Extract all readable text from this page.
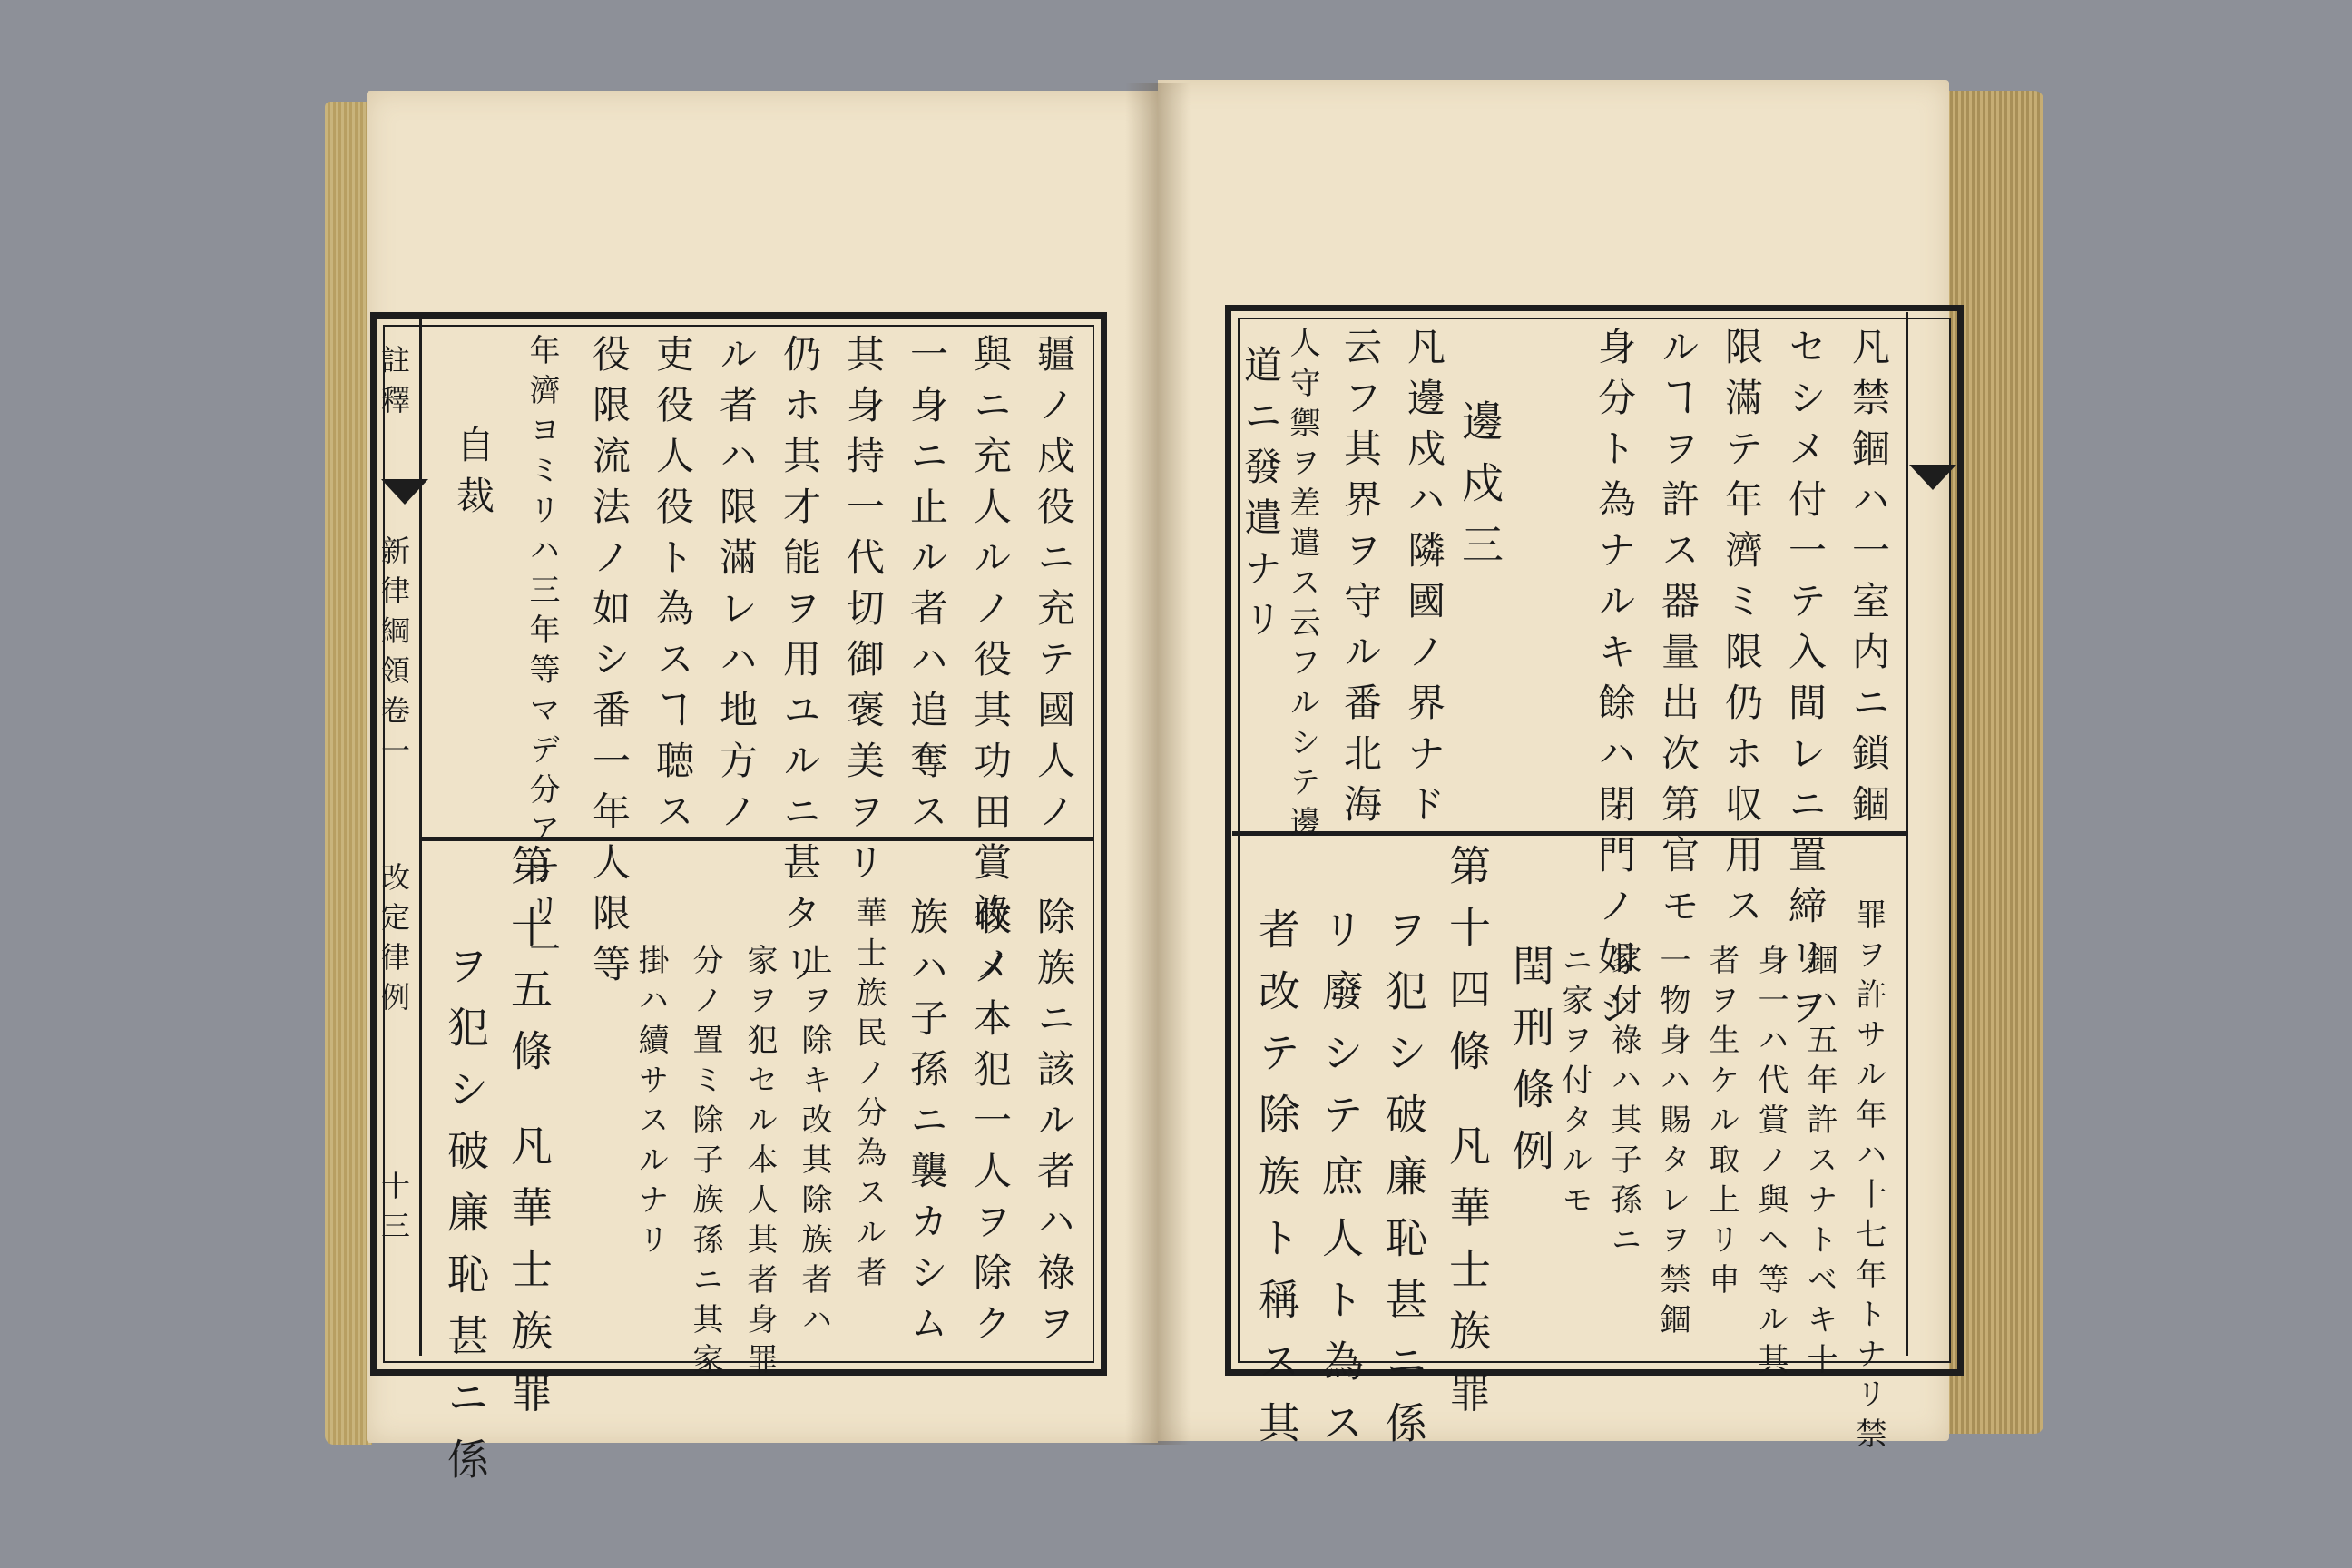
註釋
新律綱領卷一
改定律例
十三
疆ノ戍役ニ充テ國人ノ
與ニ充人ルノ役其功田賞祿ノ
一身ニ止ル者ハ追奪ス
其身持一代切御褒美ヲリ
仍ホ其才能ヲ用ユルニ甚タリ
ル者ハ限滿レハ地方ノ
吏役人役ト為スヿ聴ス
役限流法ノ如シ番一年人限等
年濟ヨミリハ三年等マデ分アナリ一
自裁
除族ニ該ル者ハ祿ヲ
收メ本犯一人ヲ除ク
族ハ子孫ニ襲カシム
華士族民ノ分為スル者
上ヲ除キ改其除族者ハ
家ヲ犯セル本人其者身罪
分ノ置ミ除子族孫ニ其家
掛ハ續サスルナリ
第十五條 凡華士族罪
ヲ犯シ破廉恥甚ニ係
凡禁錮ハ一室内ニ鎖錮
セシメ付一テ入間レニ置締リヲ
限滿テ年濟ミ限仍ホ収用ス
ルヿヲ許ス器量出次第官モ
身分ト為ナルキ餘ハ閉門ノ如シ
邊戍三
凡邊戍ハ隣國ノ界ナド
云フ其界ヲ守ル番北海
人守禦ヲ差遣ス云フルシテ邊
道ニ發遣ナリ
罪ヲ許サル年ハ十七年トナリ禁
錮ハ五年許スナトベキ十
身一ハ代賞ノ與ヘ等ル其
者ヲ生ケル取上リ申
一物身ハ賜タレヲ禁錮
家付祿ハ其子孫ニ
ニ家ヲ付タルモ
閏刑條例
第十四條 凡華士族罪
ヲ犯シ破廉恥甚ニ係
リ廢シテ庶人ト為ス
者改テ除族ト稱ス其
